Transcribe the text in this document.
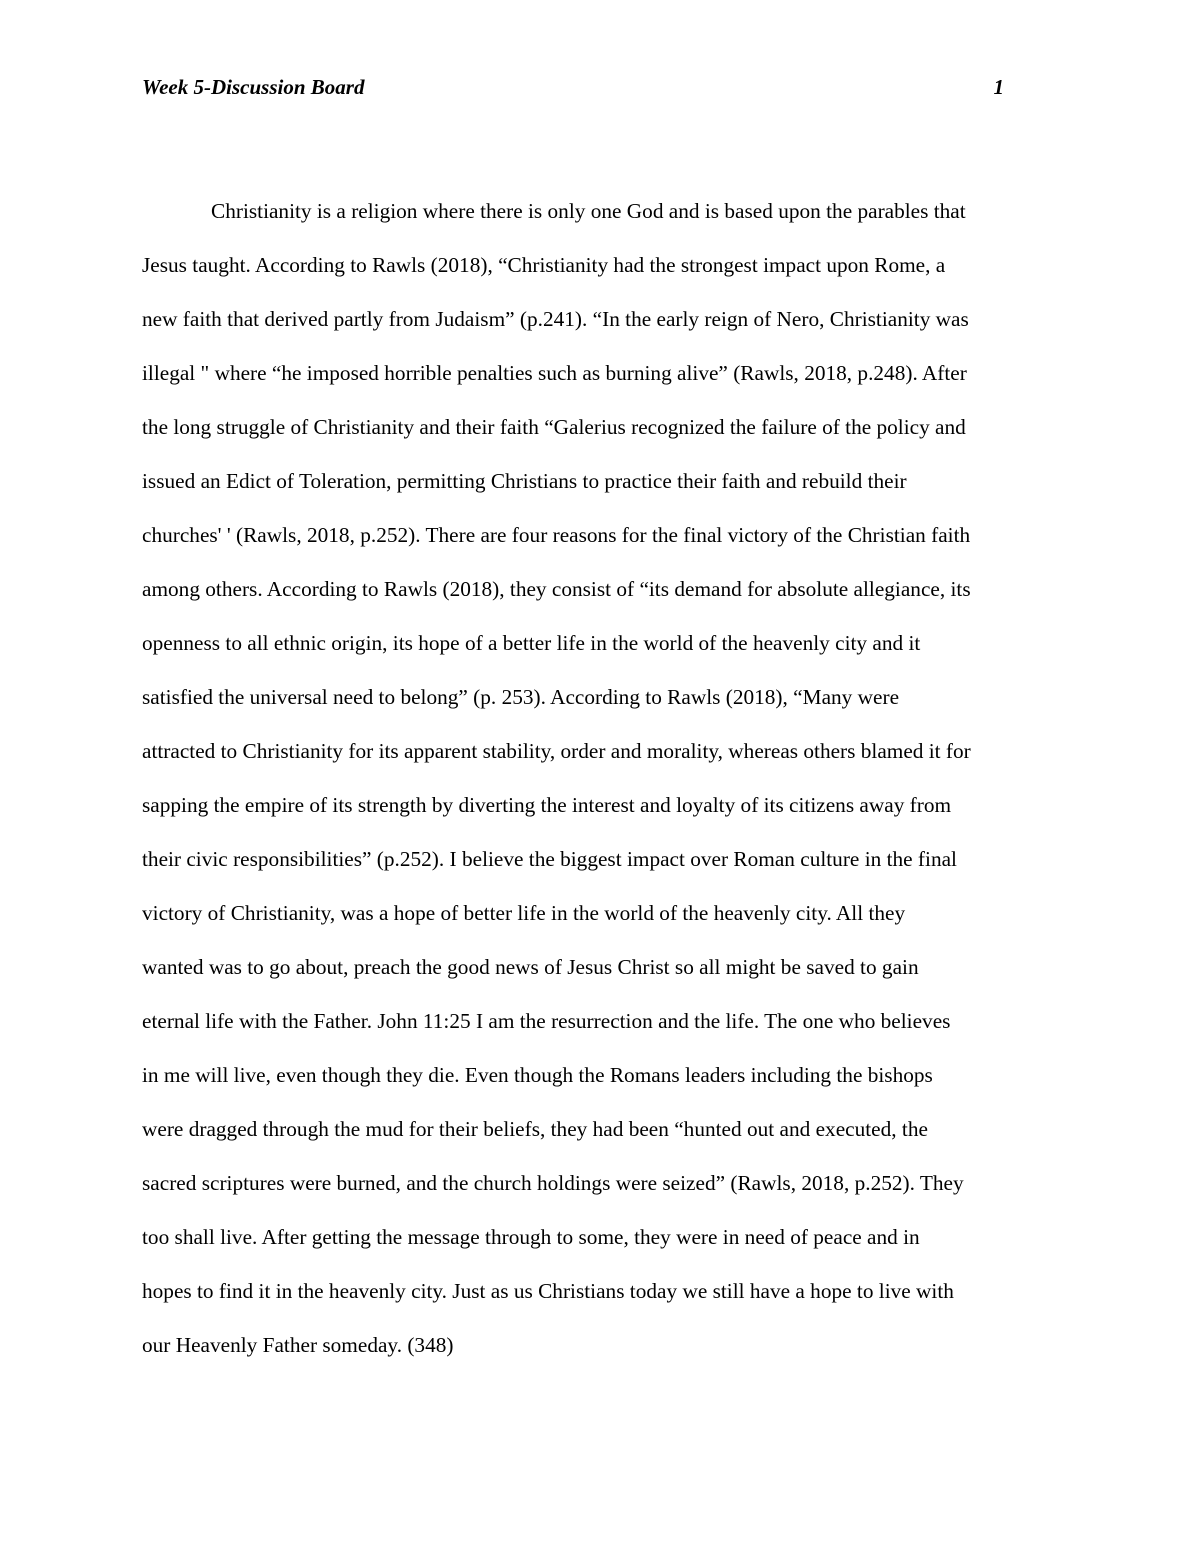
Week 5-Discussion Board	1
Christianity is a religion where there is only one God and is based upon the parables that
Jesus taught. According to Rawls (2018), “Christianity had the strongest impact upon Rome, a
new faith that derived partly from Judaism” (p.241). “In the early reign of Nero, Christianity was
illegal " where “he imposed horrible penalties such as burning alive” (Rawls, 2018, p.248). After
the long struggle of Christianity and their faith “Galerius recognized the failure of the policy and
issued an Edict of Toleration, permitting Christians to practice their faith and rebuild their
churches' ' (Rawls, 2018, p.252). There are four reasons for the final victory of the Christian faith
among others. According to Rawls (2018), they consist of “its demand for absolute allegiance, its
openness to all ethnic origin, its hope of a better life in the world of the heavenly city and it
satisfied the universal need to belong” (p. 253). According to Rawls (2018), “Many were
attracted to Christianity for its apparent stability, order and morality, whereas others blamed it for
sapping the empire of its strength by diverting the interest and loyalty of its citizens away from
their civic responsibilities” (p.252). I believe the biggest impact over Roman culture in the final
victory of Christianity, was a hope of better life in the world of the heavenly city. All they
wanted was to go about, preach the good news of Jesus Christ so all might be saved to gain
eternal life with the Father. John 11:25 I am the resurrection and the life. The one who believes
in me will live, even though they die. Even though the Romans leaders including the bishops
were dragged through the mud for their beliefs, they had been “hunted out and executed, the
sacred scriptures were burned, and the church holdings were seized” (Rawls, 2018, p.252). They
too shall live. After getting the message through to some, they were in need of peace and in
hopes to find it in the heavenly city. Just as us Christians today we still have a hope to live with
our Heavenly Father someday. (348)
